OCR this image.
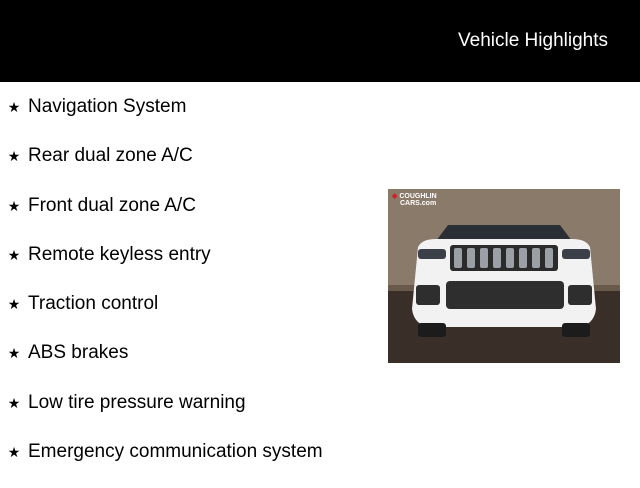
Vehicle Highlights
★ Navigation System
★ Rear dual zone A/C
★ Front dual zone A/C
★ Remote keyless entry
★ Traction control
★ ABS brakes
★ Low tire pressure warning
★ Emergency communication system
◆ COUGHLIN
CARS.com
